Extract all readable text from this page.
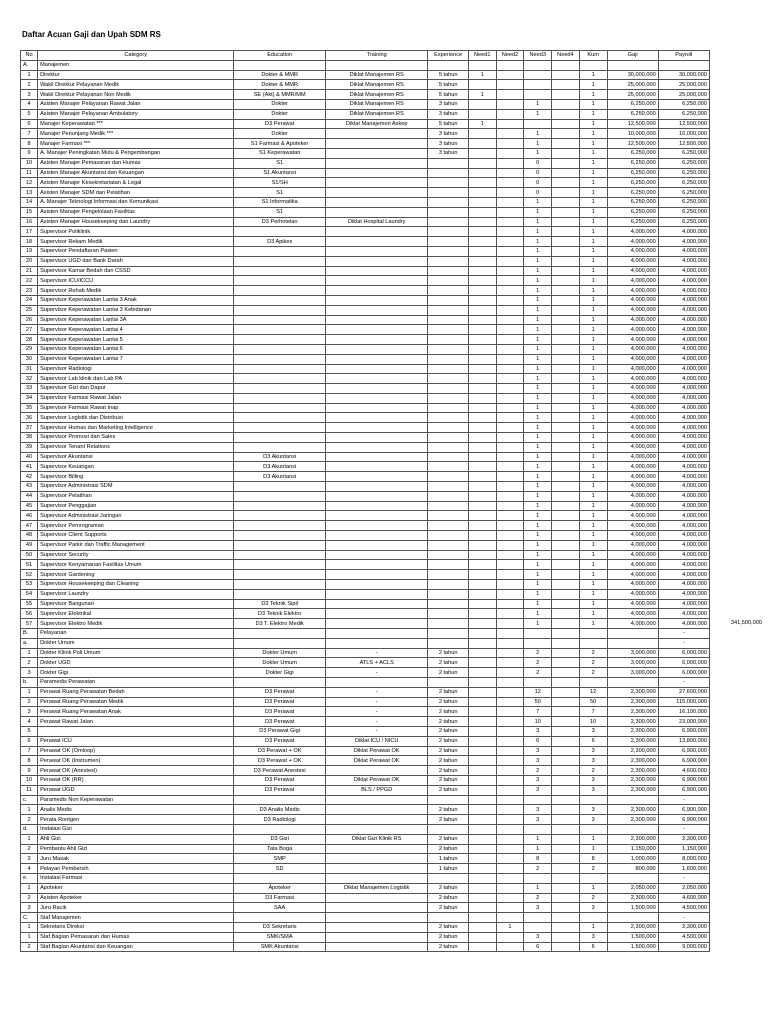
Daftar Acuan Gaji dan Upah SDM RS
No	Category	Education	Training	Experience	Need1	Need2	Need3	Need4	Kum	Gaji	Payroll
A.	Manajemen										
1	Direktur	Dokter & MMR	Diklat Manajemen RS	5 tahun	1				1	30,000,000	30,000,000
2	Wakil Direktur Pelayanan Medik	Dokter & MMR	Diklat Manajemen RS	5 tahun					1	25,000,000	25,000,000
3	Wakil Direktur Pelayanan Non Medik	SE (Akt) & MMR/MM	Diklat Manajemen RS	5 tahun	1				1	25,000,000	25,000,000
4	Asisten Manajer Pelayanan Rawat Jalan	Dokter	Diklat Manajemen RS	3 tahun			1		1	6,250,000	6,250,000
5	Asisten Manajer Pelayanan Ambulatory	Dokter	Diklat Manajemen RS	3 tahun			1		1	6,250,000	6,250,000
6	Manajer Keperawatan ***	D3 Perawat	Diklat Manajemen Askep	5 tahun	1				1	12,500,000	12,500,000
7	Manajer Penunjang Medik ***	Dokter		3 tahun			1		1	10,000,000	10,000,000
8	Manajer Farmasi ***	S1 Farmasi & Apoteker		3 tahun			1		1	12,500,000	12,500,000
9	A. Manajer Peningkatan Mutu & Pengembangan	S1 Keperawatan		3 tahun			1		1	6,250,000	6,250,000
10	Asisten Manajer Pemasaran dan Humas	S1					0		1	6,250,000	6,250,000
11	Asisten Manajer Akuntansi dan Keuangan	S1 Akuntansi					0		1	6,250,000	6,250,000
12	Asisten Manajer Kesekretariatan & Legal	S1/SH					0		1	6,250,000	6,250,000
13	Asisten Manajer SDM dan Pelatihan	S1					0		1	6,250,000	6,250,000
14	A. Manajer Teknologi Informasi dan Komunikasi	S1 Informatika					1		1	6,250,000	6,250,000
15	Asisten Manajer Pengelolaan Fasilitas	S1					1		1	6,250,000	6,250,000
16	Asisten Manajer Housekeeping dan Laundry	D3 Perhotelan	Diklat Hospital Laundry				1		1	6,250,000	6,250,000
17	Supervisor Poliklinik						1		1	4,000,000	4,000,000
18	Supervisor Rekam Medik	D3 Apikes					1		1	4,000,000	4,000,000
19	Supervisor Pendaftaran Pasien						1		1	4,000,000	4,000,000
20	Supervisor UGD dan Bank Darah						1		1	4,000,000	4,000,000
21	Supervisor Kamar Bedah dan CSSD						1		1	4,000,000	4,000,000
22	Supervisor ICU/ICCU						1		1	4,000,000	4,000,000
23	Supervisor Rehab Medik						1		1	4,000,000	4,000,000
24	Supervisor Keperawatan Lantai 3 Anak						1		1	4,000,000	4,000,000
25	Supervisor Keperawatan Lantai 3 Kebidanan						1		1	4,000,000	4,000,000
26	Supervisor Keperawatan Lantai 3A						1		1	4,000,000	4,000,000
27	Supervisor Keperawatan Lantai 4						1		1	4,000,000	4,000,000
28	Supervisor Keperawatan Lantai 5						1		1	4,000,000	4,000,000
29	Supervisor Keperawatan Lantai 6						1		1	4,000,000	4,000,000
30	Supervisor Keperawatan Lantai 7						1		1	4,000,000	4,000,000
31	Supervisor Radiologi						1		1	4,000,000	4,000,000
32	Supervisor Lab klinik dan Lab PA						1		1	4,000,000	4,000,000
33	Supervisor Gizi dan Dapur						1		1	4,000,000	4,000,000
34	Supervisor Farmasi Rawat Jalan						1		1	4,000,000	4,000,000
35	Supervisor Farmasi Rawat Inap						1		1	4,000,000	4,000,000
36	Supervisor Logistik dan Distribusi						1		1	4,000,000	4,000,000
37	Supervisor Humas dan Marketing Intelligence						1		1	4,000,000	4,000,000
38	Supervisor Promosi dan Sales						1		1	4,000,000	4,000,000
39	Supervisor Tenant Relations						1		1	4,000,000	4,000,000
40	Supervisor Akuntansi	D3 Akuntansi					1		1	4,000,000	4,000,000
41	Supervisor Keuangan	D3 Akuntansi					1		1	4,000,000	4,000,000
42	Supervisor Billing	D3 Akuntansi					1		1	4,000,000	4,000,000
43	Supervisor Administrasi SDM						1		1	4,000,000	4,000,000
44	Supervisor Pelatihan						1		1	4,000,000	4,000,000
45	Supervisor Penggajian						1		1	4,000,000	4,000,000
46	Supervisor Administrasi Jaringan						1		1	4,000,000	4,000,000
47	Supervisor Pemrograman						1		1	4,000,000	4,000,000
48	Supervisor Client Supports						1		1	4,000,000	4,000,000
49	Supervisor Parkir dan Traffic Management						1		1	4,000,000	4,000,000
50	Supervisor Security						1		1	4,000,000	4,000,000
51	Supervisor Kenyamanan Fasilitas Umum						1		1	4,000,000	4,000,000
52	Supervisor Gardening						1		1	4,000,000	4,000,000
53	Supervisor Housekeeping dan Cleaning						1		1	4,000,000	4,000,000
54	Supervisor Laundry						1		1	4,000,000	4,000,000
55	Supervisor Bangunan	D3 Teknik Sipil					1		1	4,000,000	4,000,000
56	Supervisor Elektrikal	D3 Teknik Elektro					1		1	4,000,000	4,000,000
57	Supervisor Elektro Medik	D3 T. Elektro Medik					1		1	4,000,000	4,000,000
B.	Pelayanan										-
a.	Dokter Umum										-
1	Dokter Klinik Poli Umum	Dokter Umum	-	2 tahun			2		2	3,000,000	6,000,000
2	Dokter UGD	Dokter Umum	ATLS + ACLS	2 tahun			2		2	3,000,000	6,000,000
3	Dokter Gigi	Dokter Gigi	-	2 tahun			2		2	3,000,000	6,000,000
b.	Paramedis Perawatan										-
1	Perawat Ruang Perawatan Bedah	D3 Perawat	-	2 tahun			12		12	2,300,000	27,600,000
2	Perawat Ruang Perawatan Medik	D3 Perawat	-	2 tahun			50		50	2,300,000	115,000,000
3	Perawat Ruang Perawatan Anak	D3 Perawat	-	2 tahun			7		7	2,300,000	16,100,000
4	Perawat Rawat Jalan	D3 Perawat	-	2 tahun			10		10	2,300,000	23,000,000
5		D3 Perawat Gigi	-	2 tahun			3		3	2,300,000	6,900,000
6	Perawat ICU	D3 Perawat	Diklat ICU / NICU	2 tahun			6		6	2,300,000	13,800,000
7	Perawat OK (Omloop)	D3 Perawat + OK	Diklat Perawat OK	2 tahun			3		3	2,300,000	6,900,000
8	Perawat OK (Instrumen)	D3 Perawat + OK	Diklat Perawat OK	2 tahun			3		3	2,300,000	6,900,000
9	Perawat OK (Anestesi)	D3 Perawat Anestesi		2 tahun			2		2	2,300,000	4,600,000
10	Perawat OK (RR)	D3 Perawat	Diklat Perawat OK	2 tahun			3		3	2,300,000	6,900,000
11	Perawat UGD	D3 Perawat	BLS / PPGD	2 tahun			3		3	2,300,000	6,900,000
c.	Paramedis Non Keperawatan										-
1	Analis Medis	D3 Analis Medis		2 tahun			3		3	2,300,000	6,900,000
2	Perata Rontgen	D3 Radiologi		2 tahun			3		3	2,300,000	6,900,000
d.	Instalasi Gizi										-
1	Ahli Gizi	D3 Gizi	Diklat Gizi Klinik RS	2 tahun			1		1	2,300,000	2,300,000
2	Pembantu Ahli Gizi	Tata Boga		2 tahun			1		1	1,150,000	1,150,000
3	Juru Masak	SMP		1 tahun			8		8	1,000,000	8,000,000
4	Pelayan Pembersih	SD		1 tahun			2		2	800,000	1,600,000
e.	Instalasi Farmasi										-
1	Apoteker	Apoteker	Diklat Manajemen Logistik	2 tahun			1		1	2,050,000	2,050,000
2	Asisten Apoteker	D3 Farmasi		2 tahun			2		2	2,300,000	4,600,000
3	Juru Racik	SAA		2 tahun			3		3	1,500,000	4,500,000
C.	Staf Manajemen										-
1	Sekretaris Direksi	D3 Sekretaris		2 tahun		1			1	2,300,000	2,300,000
1	Staf Bagian Pemasaran dan Humas	SMK/SMA		2 tahun			3		3	1,500,000	4,500,000
2	Staf Bagian Akuntansi dan Keuangan	SMK Akuntansi		2 tahun			6		6	1,500,000	9,000,000
341,500,000
